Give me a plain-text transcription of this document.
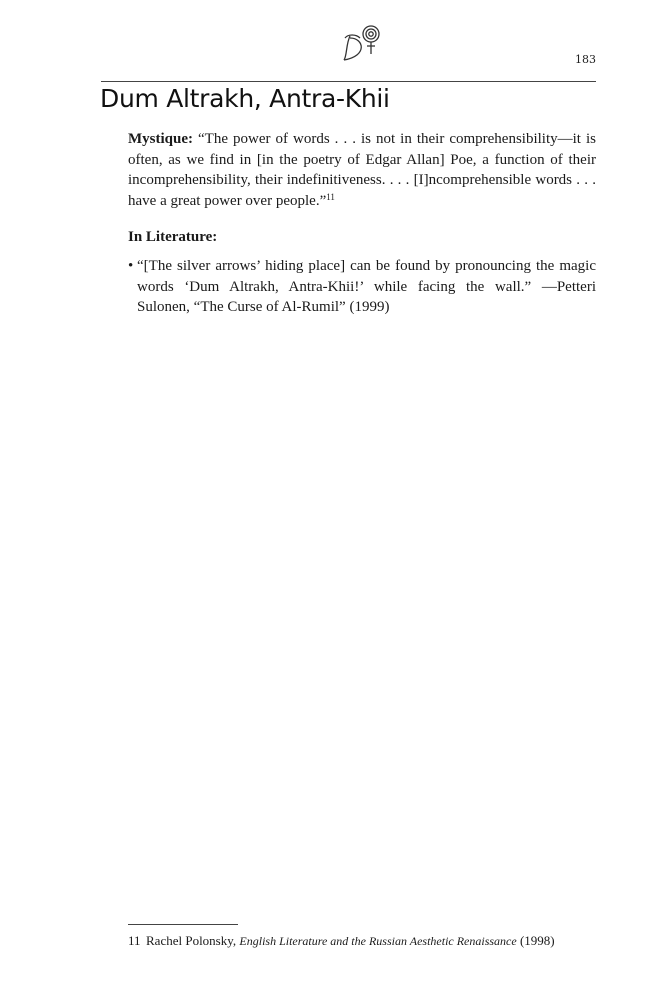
183
Dum Altrakh, Antra-Khii

Mystique: “The power of words . . . is not in their comprehensibility—it is often, as we find in [in the poetry of Edgar Allan] Poe, a function of their incomprehensibility, their indefinitiveness. . . . [I]ncomprehensible words . . . have a great power over people.”$^{11}$

In Literature:
• “[The silver arrows’ hiding place] can be found by pronouncing the magic words ‘Dum Altrakh, Antra-Khii!’ while facing the wall.” —Petteri Sulonen, “The Curse of Al-Rumil” (1999)
11 Rachel Polonsky, English Literature and the Russian Aesthetic Renaissance (1998)
